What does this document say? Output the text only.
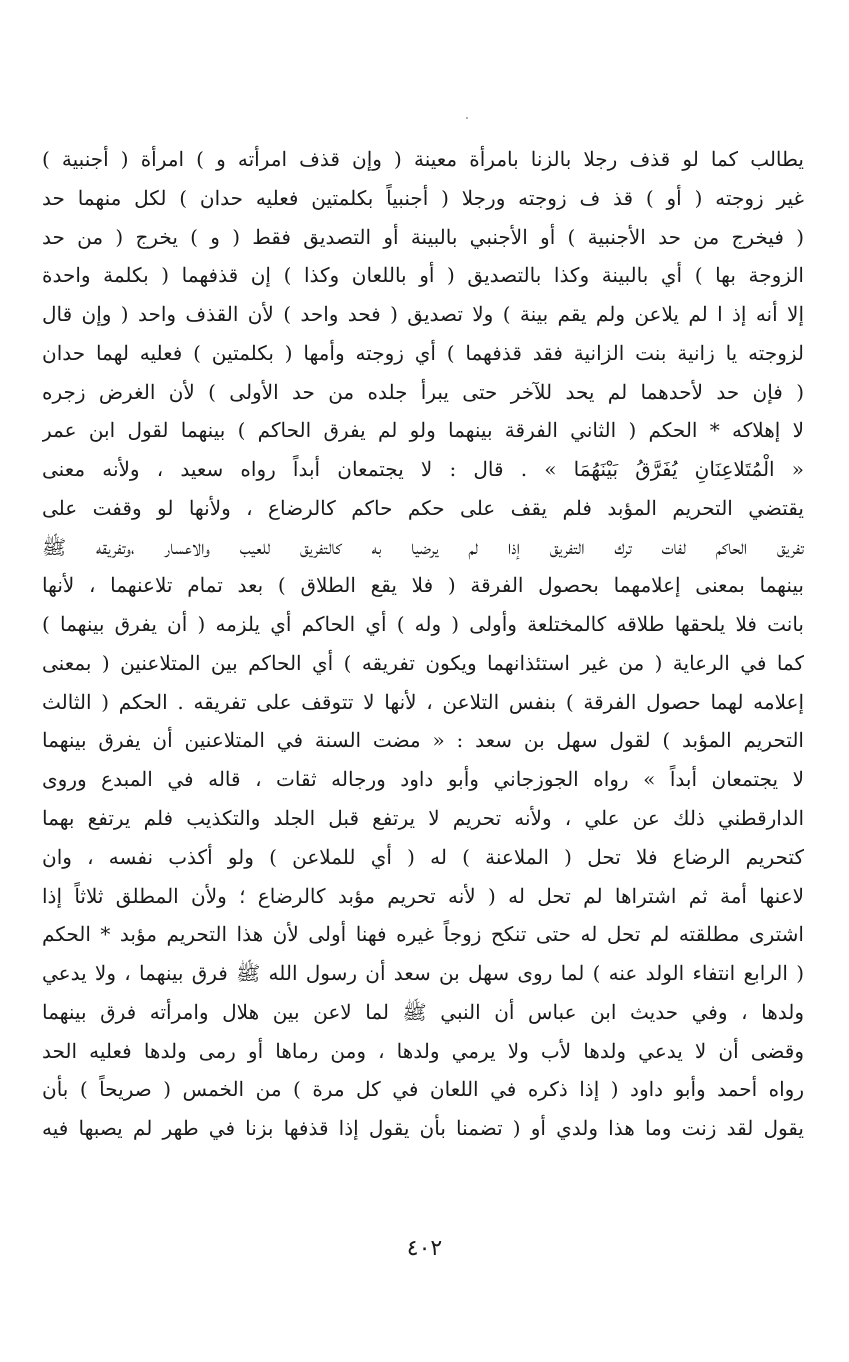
يطالب كما لو قذف رجلا بالزنا بامرأة معينة ( وإن قذف امرأته و ) امرأة ( أجنبية )
غير زوجته ( أو ) قذ ف زوجته ورجلا ( أجنبياً بكلمتين فعليه حدان ) لكل منهما حد
( فيخرج من حد الأجنبية ) أو الأجنبي بالبينة أو التصديق فقط ( و ) يخرج ( من حد
الزوجة بها ) أي بالبينة وكذا بالتصديق ( أو باللعان وكذا ) إن قذفهما ( بكلمة واحدة
إلا أنه إذ ا لم يلاعن ولم يقم بينة ) ولا تصديق ( فحد واحد ) لأن القذف واحد ( وإن قال
لزوجته يا زانية بنت الزانية فقد قذفهما ) أي زوجته وأمها ( بكلمتين ) فعليه لهما حدان
( فإن حد لأحدهما لم يحد للآخر حتى يبرأ جلده من حد الأولى ) لأن الغرض زجره
لا إهلاكه * الحكم ( الثاني الفرقة بينهما ولو لم يفرق الحاكم ) بينهما لقول ابن عمر
« الْمُتَلاعِنَانِ يُفَرَّقُ بَيْنَهُمَا » . قال : لا يجتمعان أبداً رواه سعيد ، ولأنه معنى
يقتضي التحريم المؤبد فلم يقف على حكم حاكم كالرضاع ، ولأنها لو وقفت على
تفريق الحاكم لفات ترك التفريق إذا لم يرضيا به كالتفريق للعيب والاعسار ،وتفريقه ﷺ
بينهما بمعنى إعلامهما بحصول الفرقة ( فلا يقع الطلاق ) بعد تمام تلاعنهما ، لأنها
بانت فلا يلحقها طلاقه كالمختلعة وأولى ( وله ) أي الحاكم أي يلزمه ( أن يفرق بينهما )
كما في الرعاية ( من غير استئذانهما ويكون تفريقه ) أي الحاكم بين المتلاعنين ( بمعنى
إعلامه لهما حصول الفرقة ) بنفس التلاعن ، لأنها لا تتوقف على تفريقه . الحكم ( الثالث
التحريم المؤبد ) لقول سهل بن سعد : « مضت السنة في المتلاعنين أن يفرق بينهما
لا يجتمعان أبداً » رواه الجوزجاني وأبو داود ورجاله ثقات ، قاله في المبدع وروى
الدارقطني ذلك عن علي ، ولأنه تحريم لا يرتفع قبل الجلد والتكذيب فلم يرتفع بهما
كتحريم الرضاع فلا تحل ( الملاعنة ) له ( أي للملاعن ) ولو أكذب نفسه ، وان
لاعنها أمة ثم اشتراها لم تحل له ( لأنه تحريم مؤبد كالرضاع ؛ ولأن المطلق ثلاثاً إذا
اشترى مطلقته لم تحل له حتى تنكح زوجاً غيره فهنا أولى لأن هذا التحريم مؤبد * الحكم
( الرابع انتفاء الولد عنه ) لما روى سهل بن سعد أن رسول الله ﷺ فرق بينهما ، ولا يدعي
ولدها ، وفي حديث ابن عباس أن النبي ﷺ لما لاعن بين هلال وامرأته فرق بينهما
وقضى أن لا يدعي ولدها لأب ولا يرمي ولدها ، ومن رماها أو رمى ولدها فعليه الحد
رواه أحمد وأبو داود ( إذا ذكره في اللعان في كل مرة ) من الخمس ( صريحاً ) بأن
يقول لقد زنت وما هذا ولدي أو ( تضمنا بأن يقول إذا قذفها بزنا في طهر لم يصبها فيه
٤٠٢
